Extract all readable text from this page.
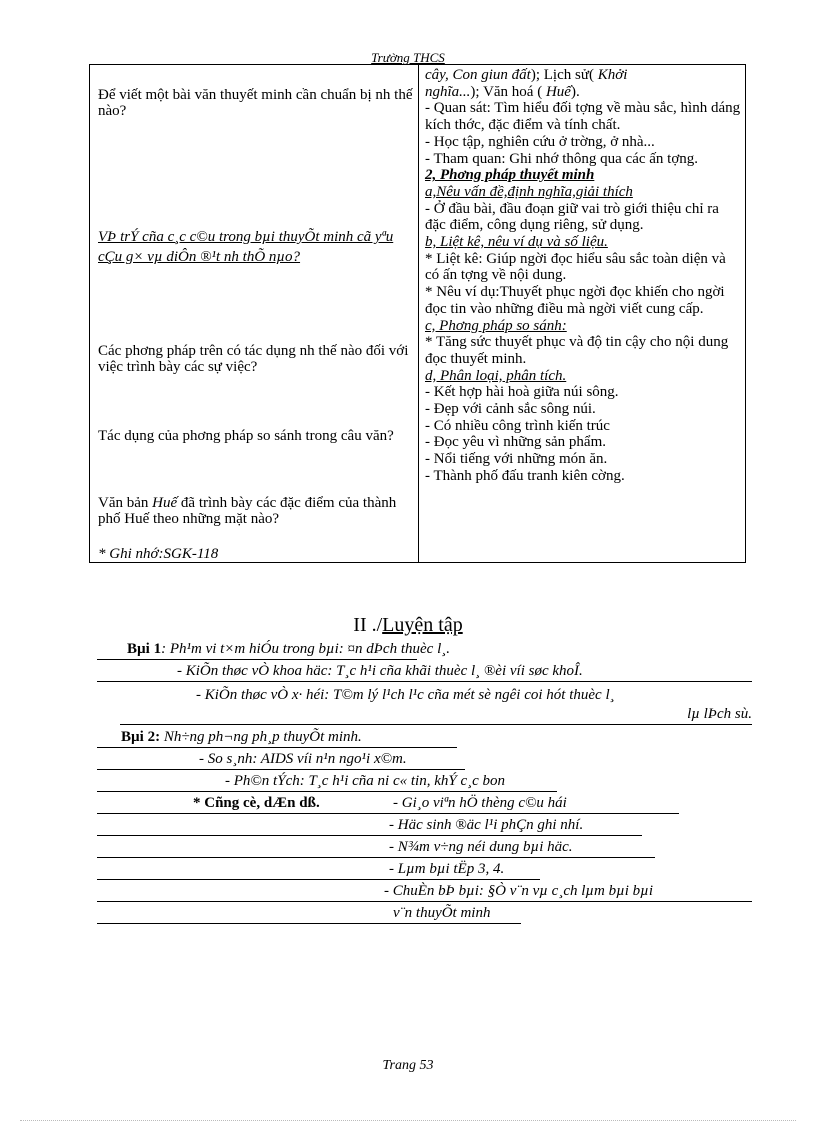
Trường THCS
Để viết một bài văn thuyết minh cần chuẩn bị nh thế nào?
VÞ trÝ cña c¸c c©u trong bµi thuyÕt minh cã yªu cÇu g× vµ diÔn ®¹t nh thÕ nµo?
Các phơng pháp trên có tác dụng nh thế nào đối với việc trình bày các sự việc?
Tác dụng của phơng pháp so sánh trong câu văn?
Văn bản Huế đã trình bày các đặc điểm của thành phố Huế theo những mặt nào?
* Ghi nhớ:SGK-118

cây, Con giun đất); Lịch sử( Khởi

nghĩa...); Văn hoá ( Huế).

- Quan sát: Tìm hiểu đối tợng về màu sắc, hình dáng kích thớc, đặc điểm và tính chất.

- Học tập, nghiên cứu ở trờng, ở nhà...

- Tham quan: Ghi nhớ thông qua các ấn tợng.

2, Phơng pháp thuyết minh

a,Nêu vấn đề,định nghĩa,giải thích

- Ở đầu bài, đầu đoạn giữ vai trò giới thiệu chỉ ra đặc điểm, công dụng riêng, sử dụng.

b, Liệt kê, nêu ví dụ và số liệu.

* Liệt kê: Giúp ngời đọc hiểu sâu sắc toàn diện và có ấn tợng về nội dung.

* Nêu ví dụ:Thuyết phục ngời đọc khiến cho ngời đọc tin vào những điều mà ngời viết cung cấp.

c, Phơng pháp so sánh:

* Tăng sức thuyết phục và độ tin cậy cho nội dung đọc thuyết minh.

d, Phân loại, phân tích.

- Kết hợp hài hoà giữa núi sông.

- Đẹp với cảnh sắc sông núi.

- Có nhiều công trình kiến trúc

- Đọc yêu vì những sản phẩm.

- Nổi tiếng với những món ăn.

- Thành phố đấu tranh kiên cờng.

II ./Luyện tập
Bµi 1: Ph¹m vi t×m hiÓu trong bµi: ¤n dÞch thuèc l¸.
- KiÕn thøc vÒ khoa häc: T¸c h¹i cña khãi thuèc l¸ ®èi víi søc khoÎ.
- KiÕn thøc vÒ x· héi: T©m lý l¹ch l¹c cña mét sè ngêi coi hót thuèc l¸
lµ lÞch sù.
Bµi 2: Nh÷ng ph¬ng ph¸p thuyÕt minh.
- So s¸nh: AIDS víi n¹n ngo¹i x©m.
- Ph©n tÝch: T¸c h¹i cña ni c« tin, khÝ c¸c bon
* Cñng cè, dÆn dß.	- Gi¸o viªn hÖ thèng c©u hái
- Häc sinh ®äc l¹i phÇn ghi nhí.
- N¾m v÷ng néi dung bµi häc.
- Lµm bµi tËp 3, 4.
- ChuÈn bÞ bµi: §Ò v¨n vµ c¸ch lµm bµi bµi
v¨n thuyÕt minh
Trang 53
